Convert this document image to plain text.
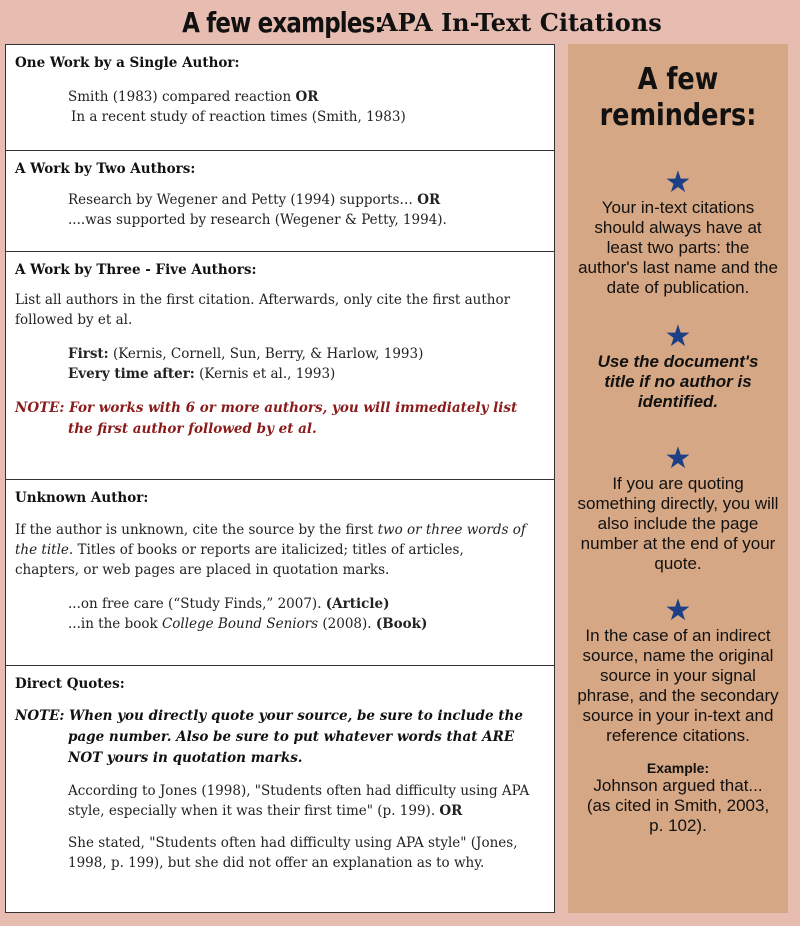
A few examples:
APA In-Text Citations
One Work by a Single Author:
Smith (1983) compared reaction OR
In a recent study of reaction times (Smith, 1983)
A Work by Two Authors:
Research by Wegener and Petty (1994) supports… OR
....was supported by research (Wegener & Petty, 1994).
A Work by Three - Five Authors:
List all authors in the first citation. Afterwards, only cite the first author followed by et al.
First: (Kernis, Cornell, Sun, Berry, & Harlow, 1993)
Every time after: (Kernis et al., 1993)
NOTE: For works with 6 or more authors, you will immediately list the first author followed by et al.
Unknown Author:
If the author is unknown, cite the source by the first two or three words of the title. Titles of books or reports are italicized; titles of articles, chapters, or web pages are placed in quotation marks.
...on free care (“Study Finds,” 2007). (Article)
...in the book College Bound Seniors (2008). (Book)
Direct Quotes:
NOTE: When you directly quote your source, be sure to include the page number. Also be sure to put whatever words that ARE NOT yours in quotation marks.
According to Jones (1998), "Students often had difficulty using APA style, especially when it was their first time" (p. 199). OR
She stated, "Students often had difficulty using APA style" (Jones, 1998, p. 199), but she did not offer an explanation as to why.
A few
reminders:
★
Your in-text citations should always have at least two parts: the author's last name and the date of publication.
★
Use the document's title if no author is identified.
★
If you are quoting something directly, you will also include the page number at the end of your quote.
★
In the case of an indirect source, name the original source in your signal phrase, and the secondary source in your in-text and reference citations.
Example:
Johnson argued that...(as cited in Smith, 2003, p. 102).
